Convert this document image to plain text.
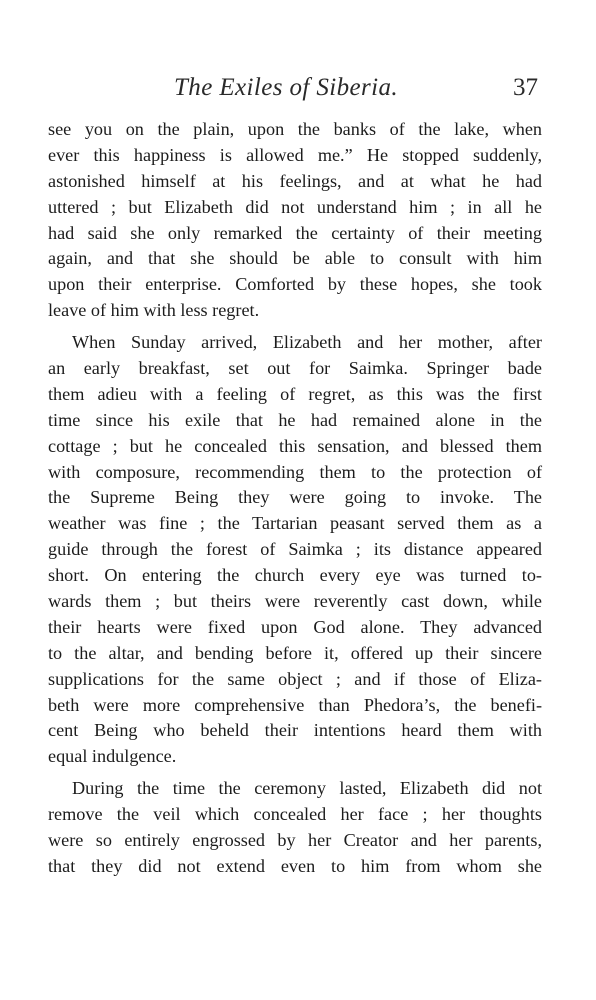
The Exiles of Siberia.	37
see you on the plain, upon the banks of the lake, when
ever this happiness is allowed me.” He stopped suddenly,
astonished himself at his feelings, and at what he had
uttered ; but Elizabeth did not understand him ; in all he
had said she only remarked the certainty of their meeting
again, and that she should be able to consult with him
upon their enterprise. Comforted by these hopes, she took
leave of him with less regret.
When Sunday arrived, Elizabeth and her mother, after
an early breakfast, set out for Saimka. Springer bade
them adieu with a feeling of regret, as this was the first
time since his exile that he had remained alone in the
cottage ; but he concealed this sensation, and blessed them
with composure, recommending them to the protection of
the Supreme Being they were going to invoke. The
weather was fine ; the Tartarian peasant served them as a
guide through the forest of Saimka ; its distance appeared
short. On entering the church every eye was turned to-
wards them ; but theirs were reverently cast down, while
their hearts were fixed upon God alone. They advanced
to the altar, and bending before it, offered up their sincere
supplications for the same object ; and if those of Eliza-
beth were more comprehensive than Phedora’s, the benefi-
cent Being who beheld their intentions heard them with
equal indulgence.
During the time the ceremony lasted, Elizabeth did not
remove the veil which concealed her face ; her thoughts
were so entirely engrossed by her Creator and her parents,
that they did not extend even to him from whom she
